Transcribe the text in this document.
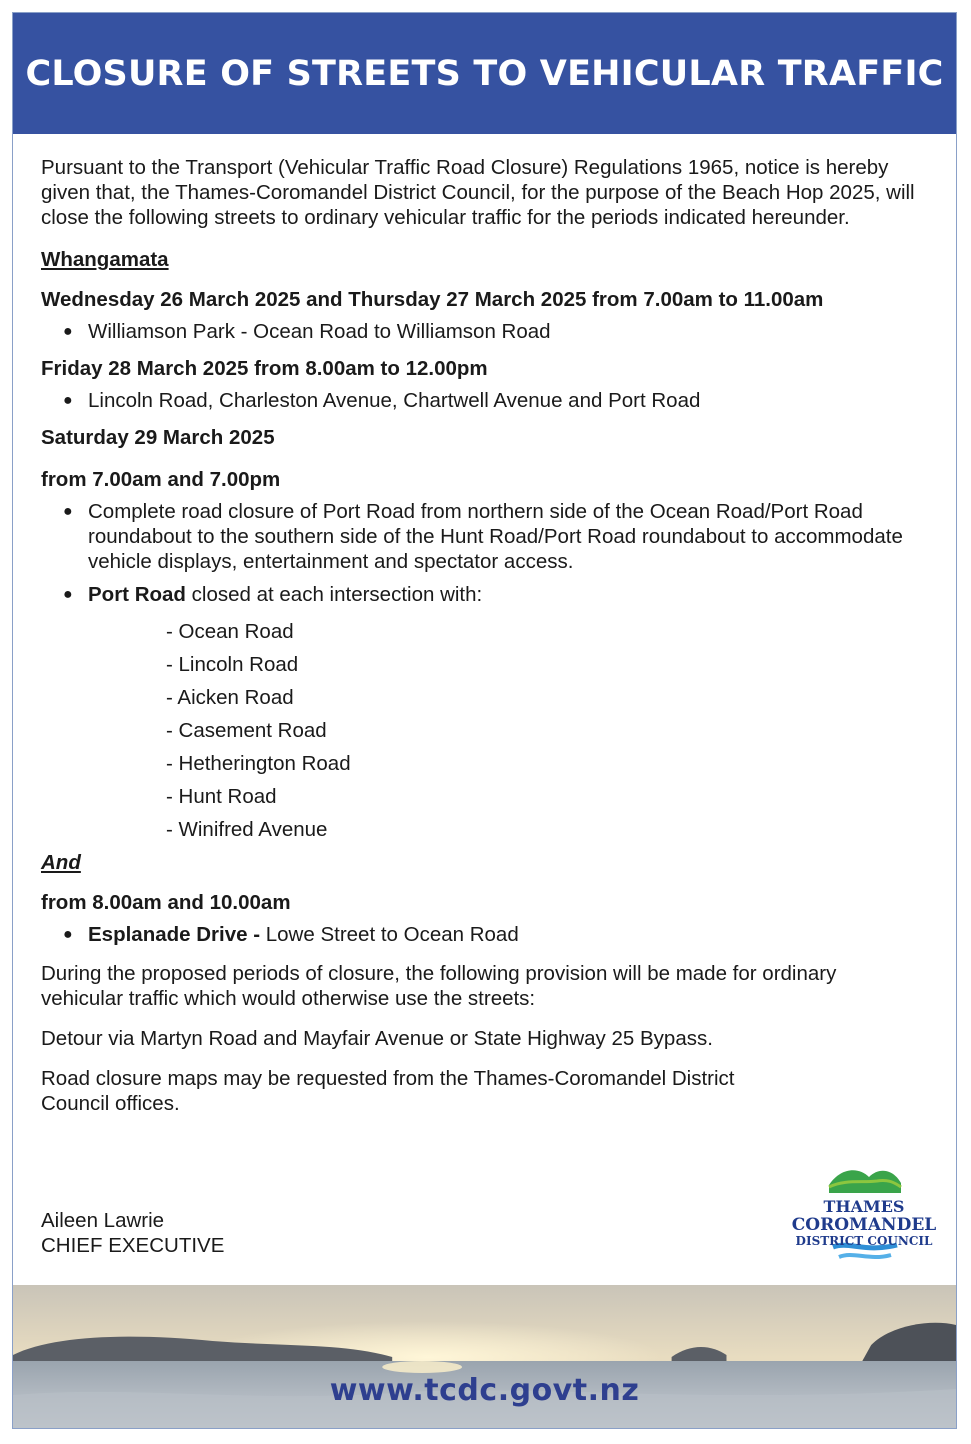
CLOSURE OF STREETS TO VEHICULAR TRAFFIC

Pursuant to the Transport (Vehicular Traffic Road Closure) Regulations 1965, notice is hereby given that, the Thames-Coromandel District Council, for the purpose of the Beach Hop 2025, will close the following streets to ordinary vehicular traffic for the periods indicated hereunder.

Whangamata

Wednesday 26 March 2025 and Thursday 27 March 2025 from 7.00am to 11.00am

● Williamson Park - Ocean Road to Williamson Road

Friday 28 March 2025 from 8.00am to 12.00pm

● Lincoln Road, Charleston Avenue, Chartwell Avenue and Port Road

Saturday 29 March 2025

from 7.00am and 7.00pm

● Complete road closure of Port Road from northern side of the Ocean Road/Port Road roundabout to the southern side of the Hunt Road/Port Road roundabout to accommodate vehicle displays, entertainment and spectator access.
● Port Road closed at each intersection with:
- Ocean Road
- Lincoln Road
- Aicken Road
- Casement Road
- Hetherington Road
- Hunt Road
- Winifred Avenue

And

from 8.00am and 10.00am

● Esplanade Drive - Lowe Street to Ocean Road

During the proposed periods of closure, the following provision will be made for ordinary vehicular traffic which would otherwise use the streets:

Detour via Martyn Road and Mayfair Avenue or State Highway 25 Bypass.

Road closure maps may be requested from the Thames-Coromandel District Council offices.

Aileen Lawrie
CHIEF EXECUTIVE
THAMES
COROMANDEL
DISTRICT COUNCIL
www.tcdc.govt.nz
